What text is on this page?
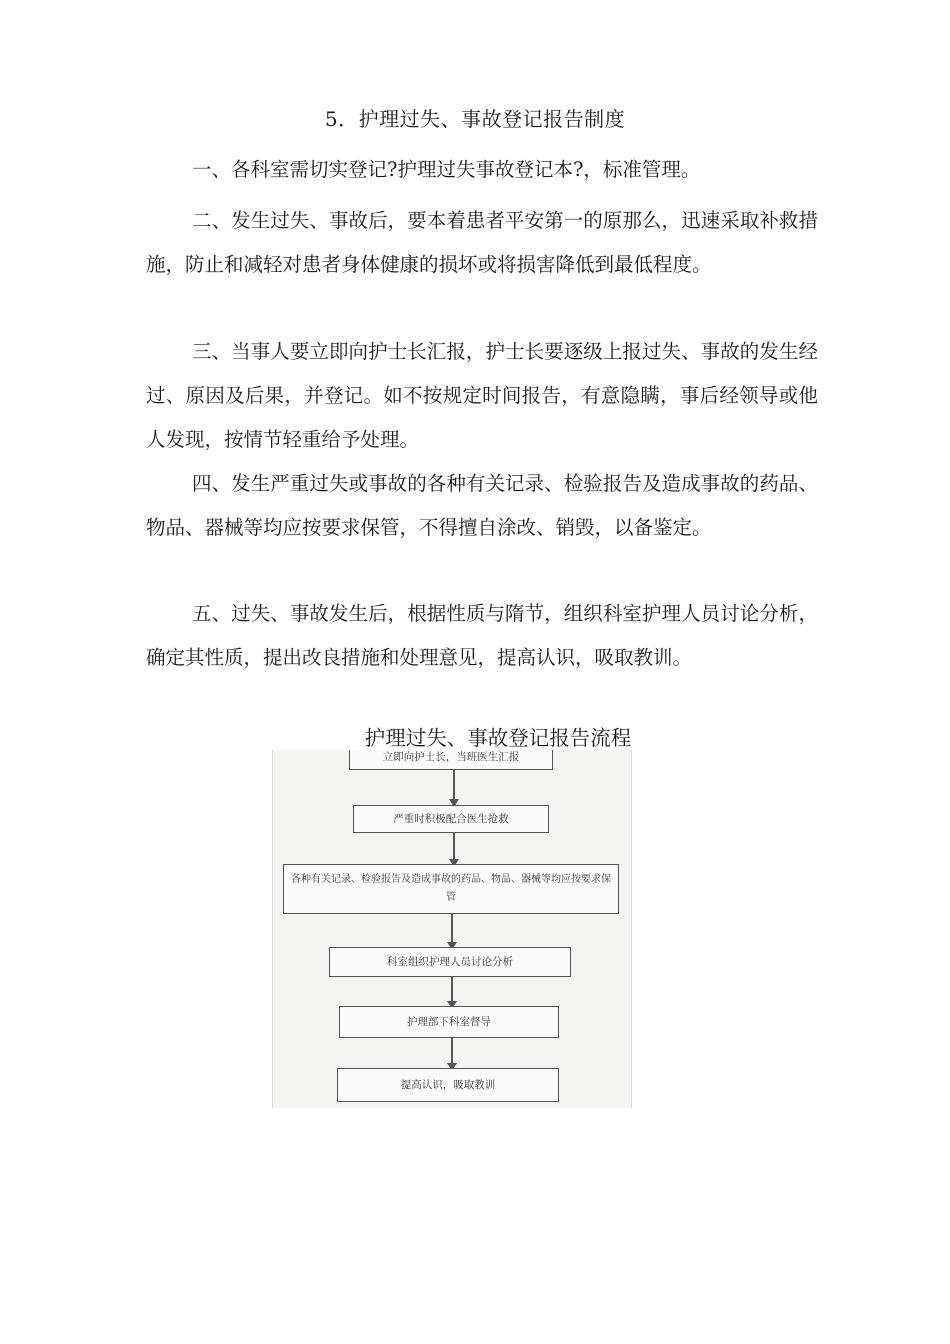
5．护理过失、事故登记报告制度

一、各科室需切实登记?护理过失事故登记本?，标准管理。

二、发生过失、事故后，要本着患者平安第一的原那么，迅速采取补救措施，防止和减轻对患者身体健康的损坏或将损害降低到最低程度。

三、当事人要立即向护士长汇报，护士长要逐级上报过失、事故的发生经过、原因及后果，并登记。如不按规定时间报告，有意隐瞒，事后经领导或他人发现，按情节轻重给予处理。

四、发生严重过失或事故的各种有关记录、检验报告及造成事故的药品、物品、器械等均应按要求保管，不得擅自涂改、销毁，以备鉴定。

五、过失、事故发生后，根据性质与隋节，组织科室护理人员讨论分析，确定其性质，提出改良措施和处理意见，提高认识，吸取教训。

护理过失、事故登记报告流程
立即向护士长，当班医生汇报
严重时积极配合医生抢救
各种有关记录、检验报告及造成事故的药品、物品、器械等均应按要求保管
科室组织护理人员讨论分析
护理部下科室督导
提高认识，吸取教训
